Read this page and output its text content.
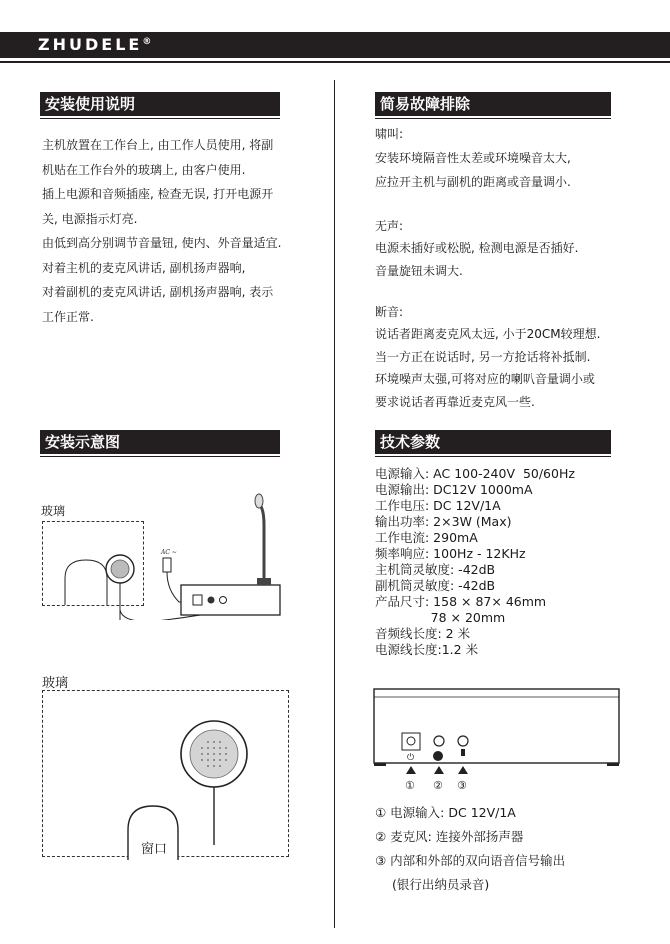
ZHUDELE®
安装使用说明
主机放置在工作台上, 由工作人员使用, 将副
机贴在工作台外的玻璃上, 由客户使用.
插上电源和音频插座, 检查无误, 打开电源开
关, 电源指示灯亮.
由低到高分别调节音量钮, 使内、外音量适宜.
对着主机的麦克风讲话, 副机扬声器响,
对着副机的麦克风讲话, 副机扬声器响, 表示
工作正常.
安装示意图
玻璃
AC ~
玻璃
窗口
简易故障排除
啸叫:
安装环境隔音性太差或环境噪音太大,
应拉开主机与副机的距离或音量调小.
无声:
电源未插好或松脱, 检测电源是否插好.
音量旋钮未调大.
断音:
说话者距离麦克风太远, 小于20CM较理想.
当一方正在说话时, 另一方抢话将补抵制.
环境噪声太强,可将对应的喇叭音量调小或
要求说话者再靠近麦克风一些.
技术参数
电源输入: AC 100-240V  50/60Hz
电源输出: DC12V 1000mA
工作电压: DC 12V/1A
输出功率: 2×3W (Max)
工作电流: 290mA
频率响应: 100Hz - 12KHz
主机筒灵敏度: -42dB
副机筒灵敏度: -42dB
产品尺寸: 158 × 87× 46mm
78 × 20mm
音频线长度: 2 米
电源线长度:1.2 米
⏻
① ② ③
① 电源输入: DC 12V/1A
② 麦克风: 连接外部扬声器
③ 内部和外部的双向语音信号输出
(银行出纳员录音)
